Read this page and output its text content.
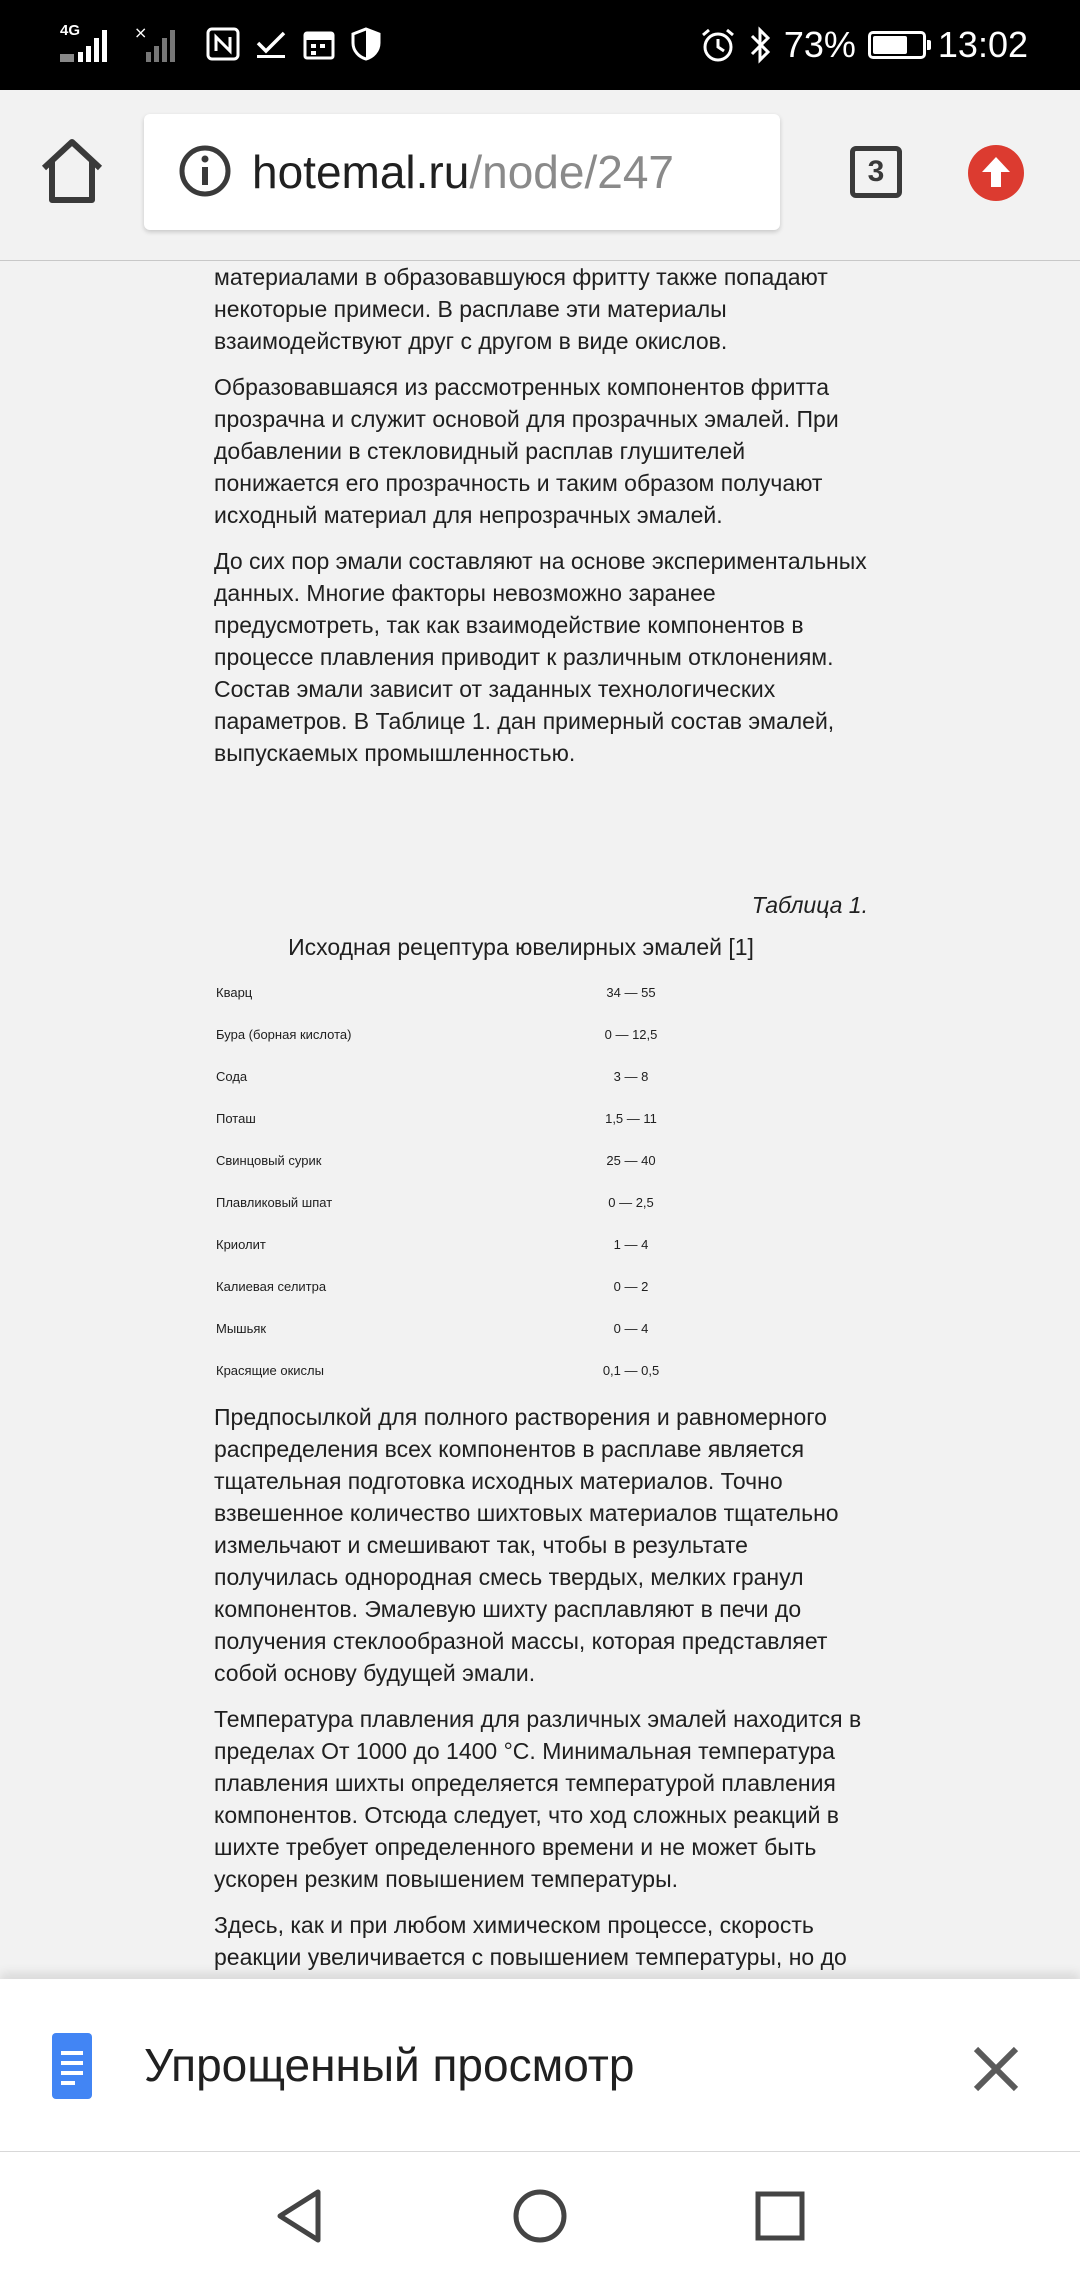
4G	×	73% 13:02
hotemal.ru/node/247	3

материалами в образовавшуюся фритту также попадают некоторые примеси. В расплаве эти материалы взаимодействуют друг с другом в виде окислов.

Образовавшаяся из рассмотренных компонентов фритта прозрачна и служит основой для прозрачных эмалей. При добавлении в стекловидный расплав глушителей понижается его прозрачность и таким образом получают исходный материал для непрозрачных эмалей.

До сих пор эмали составляют на основе экспериментальных данных. Многие факторы невозможно заранее предусмотреть, так как взаимодействие компонентов в процессе плавления приводит к различным отклонениям. Состав эмали зависит от заданных технологических параметров. В Таблице 1. дан примерный состав эмалей, выпускаемых промышленностью.

Таблица 1.
Исходная рецептура ювелирных эмалей [1]
Кварц	34 — 55
Бура (борная кислота)	0 — 12,5
Сода	3 — 8
Поташ	1,5 — 11
Свинцовый сурик	25 — 40
Плавликовый шпат	0 — 2,5
Криолит	1 — 4
Калиевая селитра	0 — 2
Мышьяк	0 — 4
Красящие окислы	0,1 — 0,5

Предпосылкой для полного растворения и равномерного распределения всех компонентов в расплаве является тщательная подготовка исходных материалов. Точно взвешенное количество шихтовых материалов тщательно измельчают и смешивают так, чтобы в результате получилась однородная смесь твердых, мелких гранул компонентов. Эмалевую шихту расплавляют в печи до получения стеклообразной массы, которая представляет собой основу будущей эмали.

Температура плавления для различных эмалей находится в пределах От 1000 до 1400 °С. Минимальная температура плавления шихты определяется температурой плавления компонентов. Отсюда следует, что ход сложных реакций в шихте требует определенного времени и не может быть ускорен резким повышением температуры.

Здесь, как и при любом химическом процессе, скорость реакции увеличивается с повышением температуры, но до

Упрощенный просмотр
